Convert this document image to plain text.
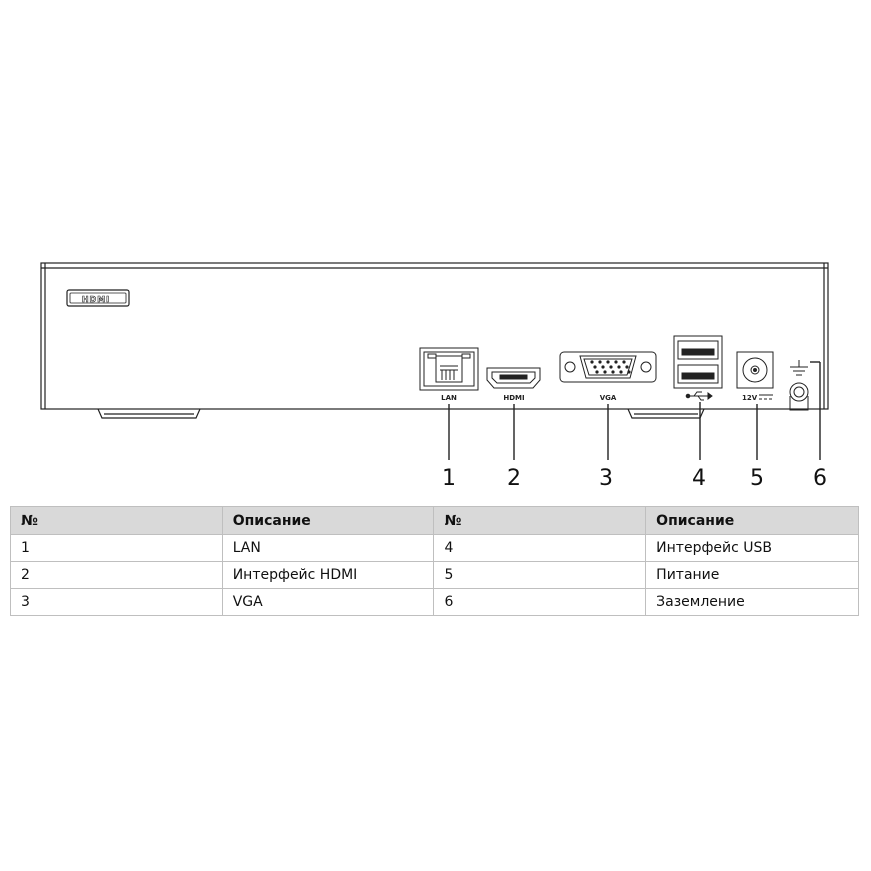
HDMI
LAN	HDMI	VGA	12V
1 2	3	4 5 6
№	Описание	№	Описание
1	LAN	4	Интерфейс USB
2	Интерфейс HDMI	5	Питание
3	VGA	6	Заземление
